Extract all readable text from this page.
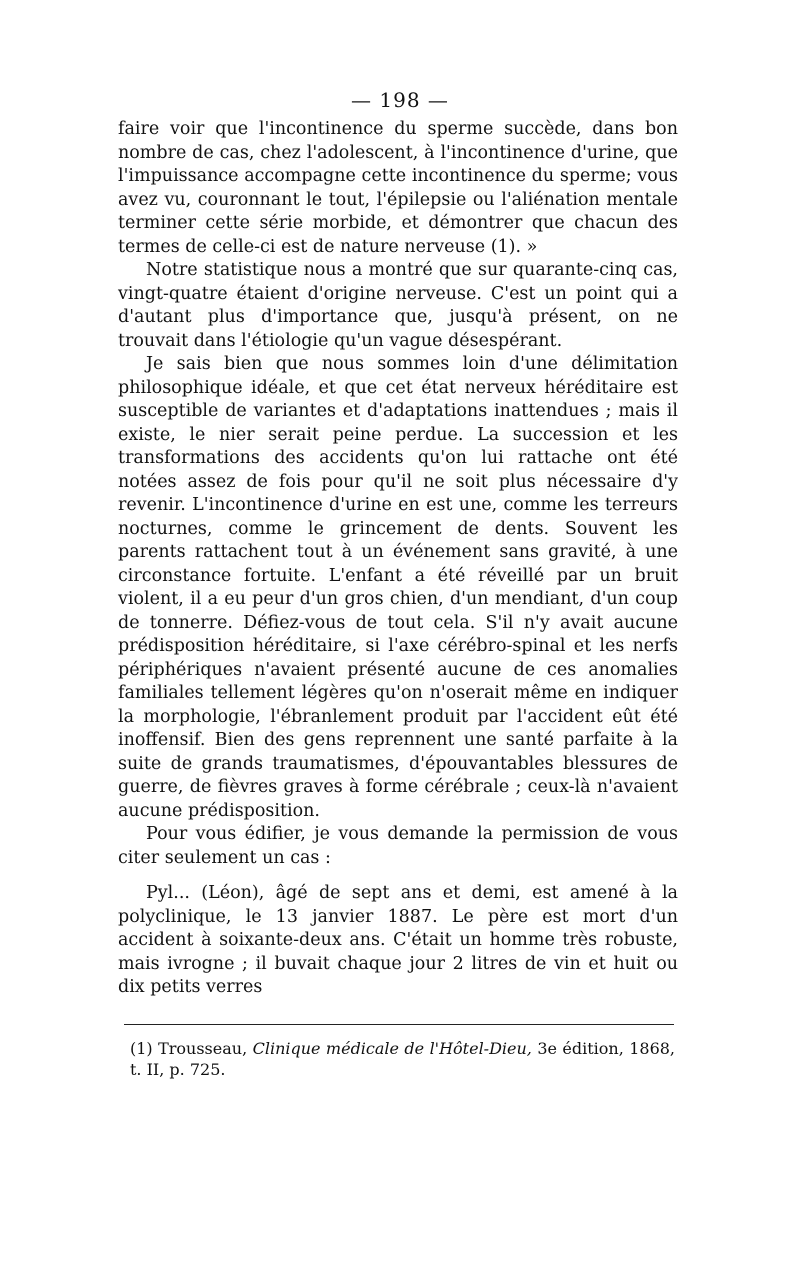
— 198 —

faire voir que l'incontinence du sperme succède, dans bon nombre de cas, chez l'adolescent, à l'incontinence d'urine, que l'impuissance accompagne cette incontinence du sperme; vous avez vu, couronnant le tout, l'épilepsie ou l'aliénation mentale terminer cette série morbide, et démontrer que chacun des termes de celle-ci est de nature nerveuse (1). »

Notre statistique nous a montré que sur quarante-cinq cas, vingt-quatre étaient d'origine nerveuse. C'est un point qui a d'autant plus d'importance que, jusqu'à présent, on ne trouvait dans l'étiologie qu'un vague désespérant.

Je sais bien que nous sommes loin d'une délimitation philosophique idéale, et que cet état nerveux héréditaire est susceptible de variantes et d'adaptations inattendues ; mais il existe, le nier serait peine perdue. La succession et les transformations des accidents qu'on lui rattache ont été notées assez de fois pour qu'il ne soit plus nécessaire d'y revenir. L'incontinence d'urine en est une, comme les terreurs nocturnes, comme le grincement de dents. Souvent les parents rattachent tout à un événement sans gravité, à une circonstance fortuite. L'enfant a été réveillé par un bruit violent, il a eu peur d'un gros chien, d'un mendiant, d'un coup de tonnerre. Défiez-vous de tout cela. S'il n'y avait aucune prédisposition héréditaire, si l'axe cérébro-spinal et les nerfs périphériques n'avaient présenté aucune de ces anomalies familiales tellement légères qu'on n'oserait même en indiquer la morphologie, l'ébranlement produit par l'accident eût été inoffensif. Bien des gens reprennent une santé parfaite à la suite de grands traumatismes, d'épouvantables blessures de guerre, de fièvres graves à forme cérébrale ; ceux-là n'avaient aucune prédisposition.

Pour vous édifier, je vous demande la permission de vous citer seulement un cas :

Pyl... (Léon), âgé de sept ans et demi, est amené à la polyclinique, le 13 janvier 1887. Le père est mort d'un accident à soixante-deux ans. C'était un homme très robuste, mais ivrogne ; il buvait chaque jour 2 litres de vin et huit ou dix petits verres

(1) Trousseau, Clinique médicale de l'Hôtel-Dieu, 3e édition, 1868, t. II, p. 725.
